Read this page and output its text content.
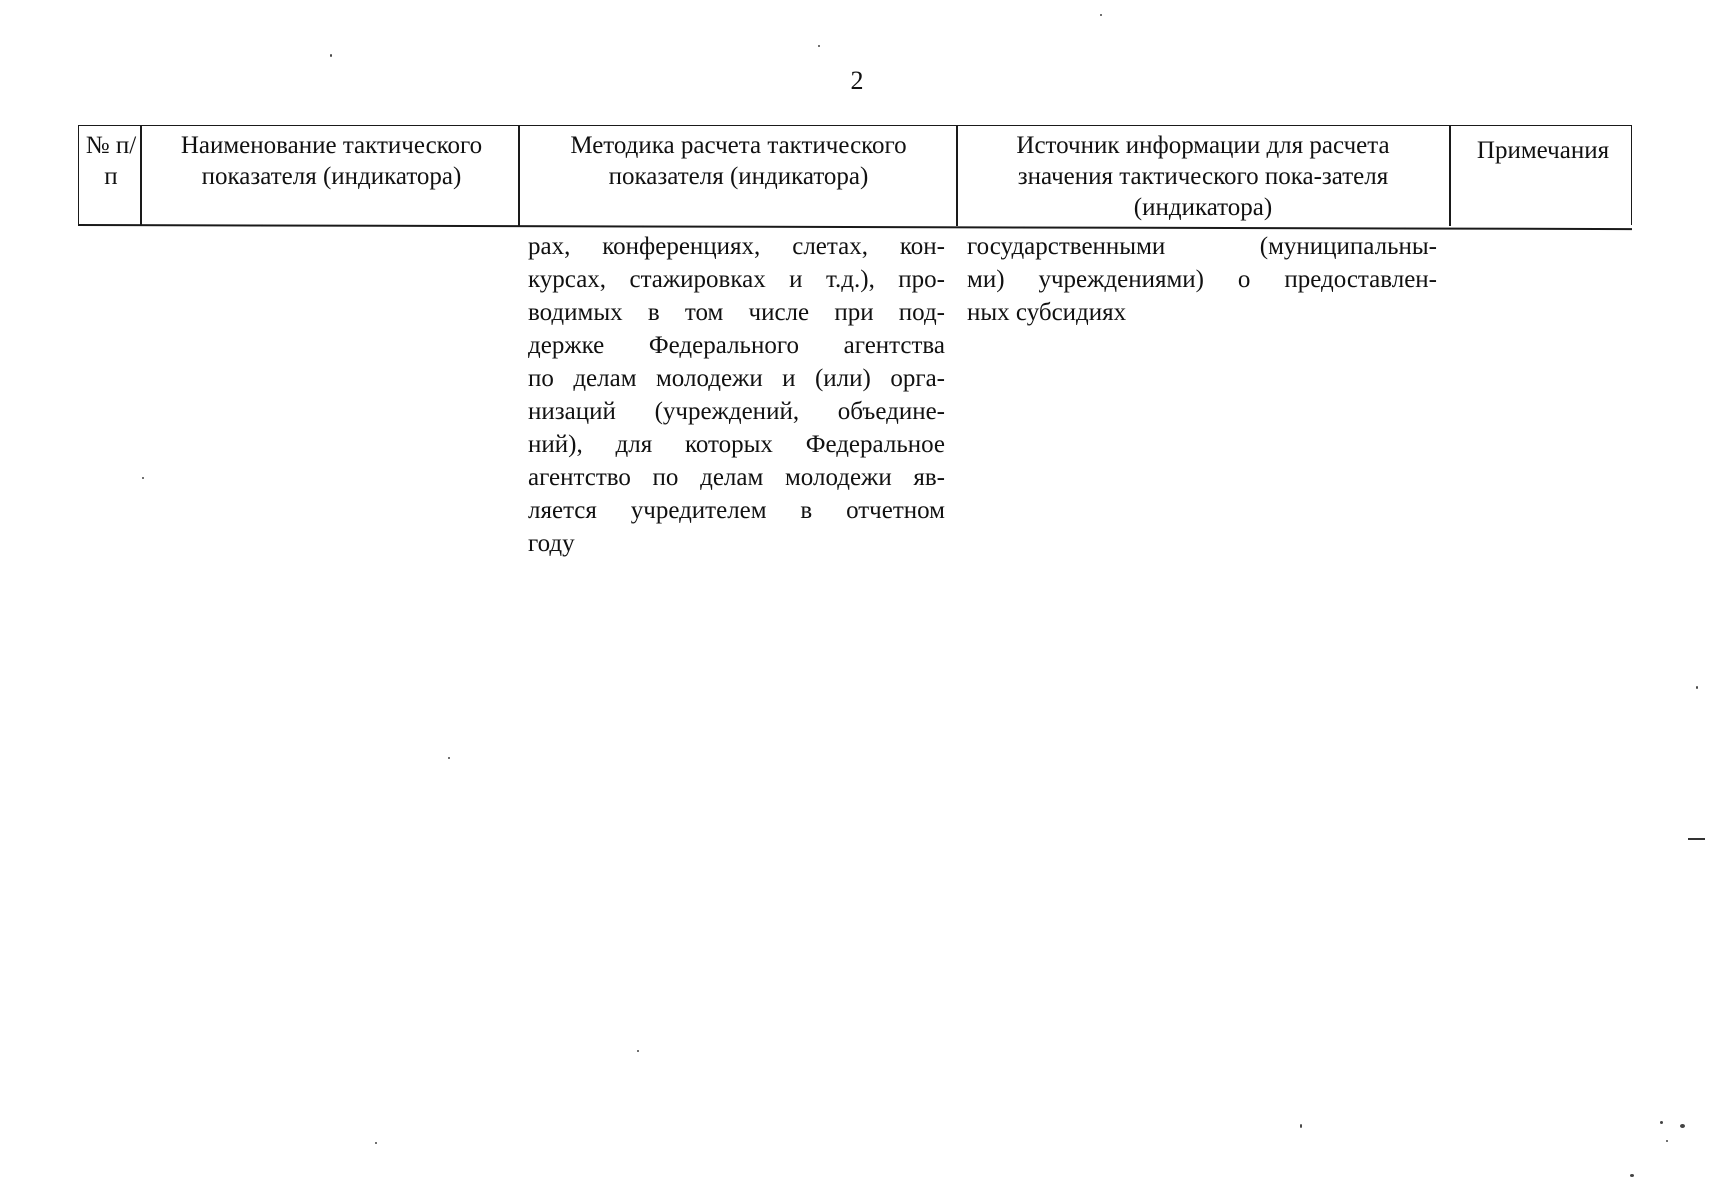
2
№ п/п
Наименование тактического показателя (индикатора)
Методика расчета тактического показателя (индикатора)
Источник информации для расчета значения тактического пока-зателя (индикатора)
Примечания
рах, конференциях, слетах, кон-
курсах, стажировках и т.д.), про-
водимых в том числе при под-
держке Федерального агентства
по делам молодежи и (или) орга-
низаций (учреждений, объедине-
ний), для которых Федеральное
агентство по делам молодежи яв-
ляется учредителем в отчетном
году
государственными (муниципальны-
ми) учреждениями) о предоставлен-
ных субсидиях
